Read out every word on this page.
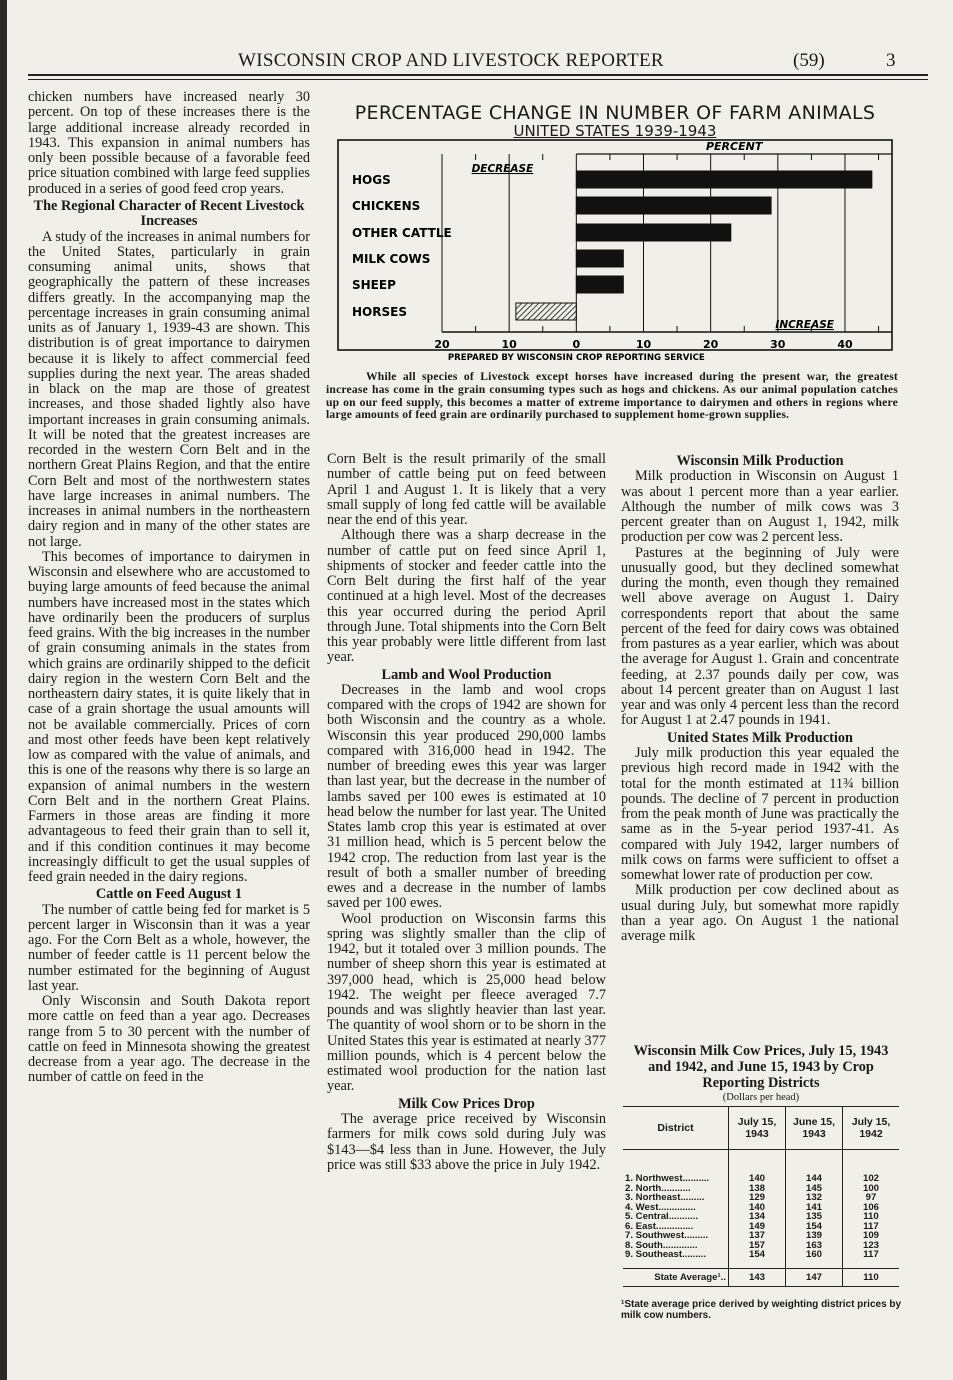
WISCONSIN CROP AND LIVESTOCK REPORTER	(59)	3

chicken numbers have increased nearly 30 percent. On top of these increases there is the large additional increase already recorded in 1943. This expansion in animal numbers has only been possible because of a favorable feed price situation combined with large feed supplies produced in a series of good feed crop years.

The Regional Character of Recent Livestock Increases

A study of the increases in animal numbers for the United States, particularly in grain consuming animal units, shows that geographically the pattern of these increases differs greatly. In the accompanying map the percentage increases in grain consuming animal units as of January 1, 1939-43 are shown. This distribution is of great importance to dairymen because it is likely to affect commercial feed supplies during the next year. The areas shaded in black on the map are those of greatest increases, and those shaded lightly also have important increases in grain consuming animals. It will be noted that the greatest increases are recorded in the western Corn Belt and in the northern Great Plains Region, and that the entire Corn Belt and most of the northwestern states have large increases in animal numbers. The increases in animal numbers in the northeastern dairy region and in many of the other states are not large.

This becomes of importance to dairymen in Wisconsin and elsewhere who are accustomed to buying large amounts of feed because the animal numbers have increased most in the states which have ordinarily been the producers of surplus feed grains. With the big increases in the number of grain consuming animals in the states from which grains are ordinarily shipped to the deficit dairy region in the western Corn Belt and the northeastern dairy states, it is quite likely that in case of a grain shortage the usual amounts will not be available commercially. Prices of corn and most other feeds have been kept relatively low as compared with the value of animals, and this is one of the reasons why there is so large an expansion of animal numbers in the western Corn Belt and in the northern Great Plains. Farmers in those areas are finding it more advantageous to feed their grain than to sell it, and if this condition continues it may become increasingly difficult to get the usual supples of feed grain needed in the dairy regions.

Cattle on Feed August 1

The number of cattle being fed for market is 5 percent larger in Wisconsin than it was a year ago. For the Corn Belt as a whole, however, the number of feeder cattle is 11 percent below the number estimated for the beginning of August last year.

Only Wisconsin and South Dakota report more cattle on feed than a year ago. Decreases range from 5 to 30 percent with the number of cattle on feed in Minnesota showing the greatest decrease from a year ago. The decrease in the number of cattle on feed in the

PERCENTAGE CHANGE IN NUMBER OF FARM ANIMALS
UNITED STATES 1939-1943
PERCENT
20	10	0	10	20	30	40
DECREASE
INCREASE
HOGS
CHICKENS
OTHER CATTLE
MILK COWS
SHEEP
HORSES
PREPARED BY WISCONSIN CROP REPORTING SERVICE
While all species of Livestock except horses have increased during the present war, the greatest increase has come in the grain consuming types such as hogs and chickens. As our animal population catches up on our feed supply, this becomes a matter of extreme importance to dairymen and others in regions where large amounts of feed grain are ordinarily purchased to supplement home-grown supplies.

Corn Belt is the result primarily of the small number of cattle being put on feed between April 1 and August 1. It is likely that a very small supply of long fed cattle will be available near the end of this year.

Although there was a sharp decrease in the number of cattle put on feed since April 1, shipments of stocker and feeder cattle into the Corn Belt during the first half of the year continued at a high level. Most of the decreases this year occurred during the period April through June. Total shipments into the Corn Belt this year probably were little different from last year.

Lamb and Wool Production

Decreases in the lamb and wool crops compared with the crops of 1942 are shown for both Wisconsin and the country as a whole. Wisconsin this year produced 290,000 lambs compared with 316,000 head in 1942. The number of breeding ewes this year was larger than last year, but the decrease in the number of lambs saved per 100 ewes is estimated at 10 head below the number for last year. The United States lamb crop this year is estimated at over 31 million head, which is 5 percent below the 1942 crop. The reduction from last year is the result of both a smaller number of breeding ewes and a decrease in the number of lambs saved per 100 ewes.

Wool production on Wisconsin farms this spring was slightly smaller than the clip of 1942, but it totaled over 3 million pounds. The number of sheep shorn this year is estimated at 397,000 head, which is 25,000 head below 1942. The weight per fleece averaged 7.7 pounds and was slightly heavier than last year. The quantity of wool shorn or to be shorn in the United States this year is estimated at nearly 377 million pounds, which is 4 percent below the estimated wool production for the nation last year.

Milk Cow Prices Drop

The average price received by Wisconsin farmers for milk cows sold during July was $143—$4 less than in June. However, the July price was still $33 above the price in July 1942.

Wisconsin Milk Production

Milk production in Wisconsin on August 1 was about 1 percent more than a year earlier. Although the number of milk cows was 3 percent greater than on August 1, 1942, milk production per cow was 2 percent less.

Pastures at the beginning of July were unusually good, but they declined somewhat during the month, even though they remained well above average on August 1. Dairy correspondents report that about the same percent of the feed for dairy cows was obtained from pastures as a year earlier, which was about the average for August 1. Grain and concentrate feeding, at 2.37 pounds daily per cow, was about 14 percent greater than on August 1 last year and was only 4 percent less than the record for August 1 at 2.47 pounds in 1941.

United States Milk Production

July milk production this year equaled the previous high record made in 1942 with the total for the month estimated at 11¾ billion pounds. The decline of 7 percent in production from the peak month of June was practically the same as in the 5-year period 1937-41. As compared with July 1942, larger numbers of milk cows on farms were sufficient to offset a somewhat lower rate of production per cow.

Milk production per cow declined about as usual during July, but somewhat more rapidly than a year ago. On August 1 the national average milk

Wisconsin Milk Cow Prices, July 15, 1943 and 1942, and June 15, 1943 by Crop Reporting Districts
(Dollars per head)
District	July 15, 1943	June 15, 1943	July 15, 1942

1. Northwest..........	140	144	102
2. North...........	138	145	100
3. Northeast.........	129	132	97
4. West..............	140	141	106
5. Central...........	134	135	110
6. East..............	149	154	117
7. Southwest.........	137	139	109
8. South.............	157	163	123
9. Southeast.........	154	160	117

State Average¹..	143	147	110
¹State average price derived by weighting district prices by milk cow numbers.
